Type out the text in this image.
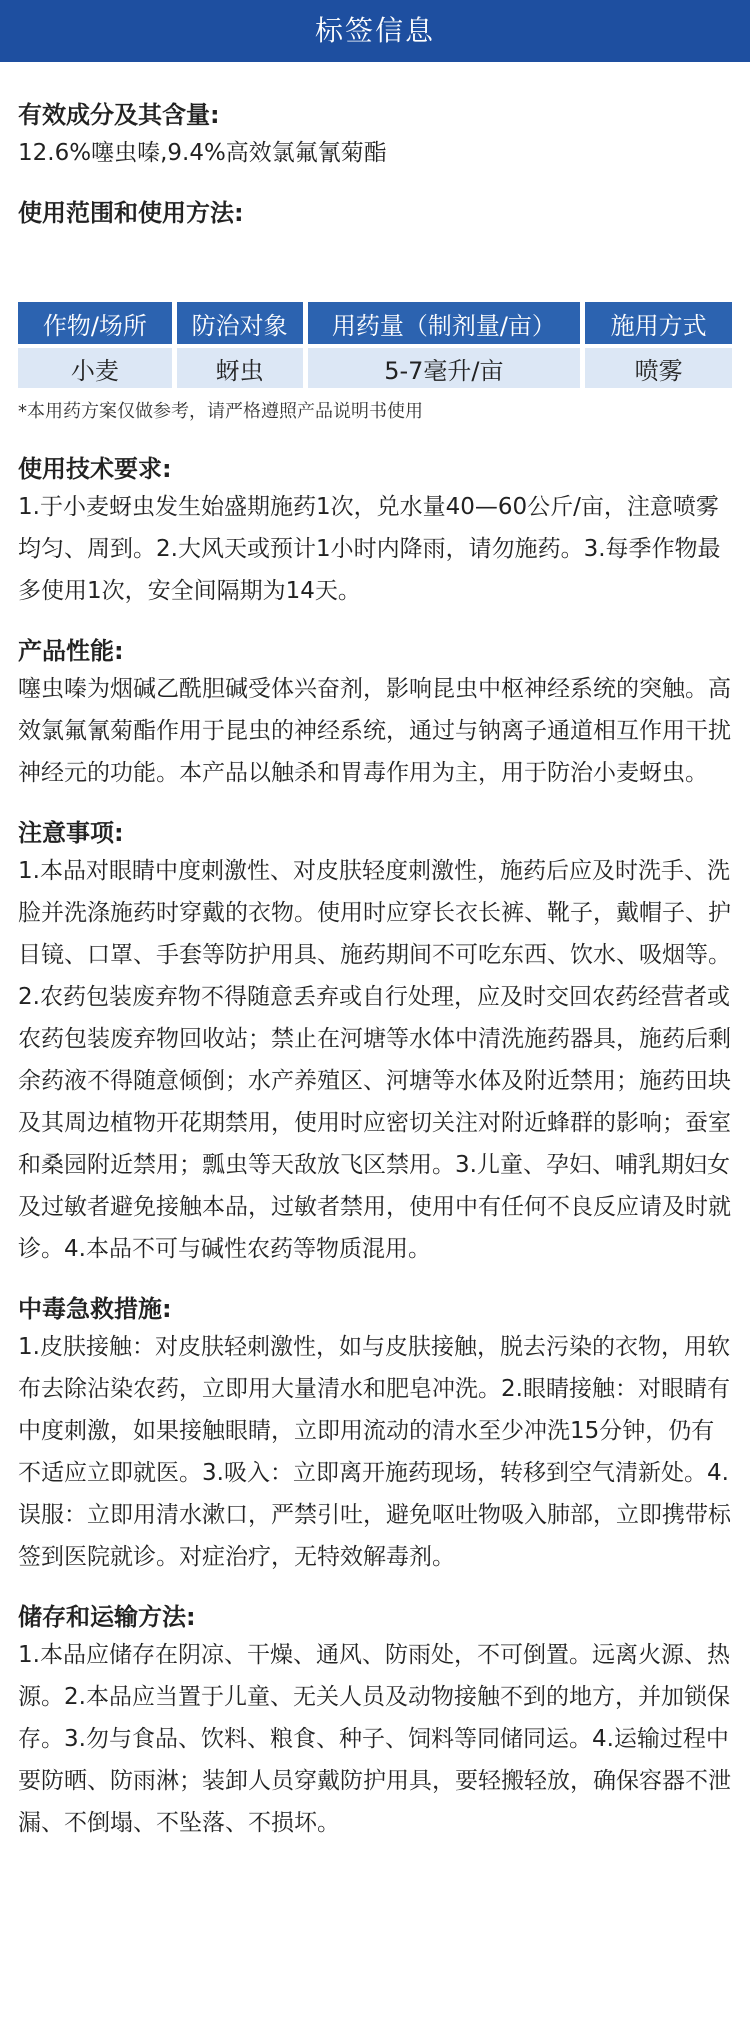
标签信息

有效成分及其含量:

12.6%噻虫嗪,9.4%高效氯氟氰菊酯

使用范围和使用方法:

作物/场所	防治对象	用药量（制剂量/亩）	施用方式
小麦	蚜虫	5-7毫升/亩	喷雾

*本用药方案仅做参考，请严格遵照产品说明书使用

使用技术要求:

1.于小麦蚜虫发生始盛期施药1次，兑水量40—60公斤/亩，注意喷雾均匀、周到。2.大风天或预计1小时内降雨，请勿施药。3.每季作物最多使用1次，安全间隔期为14天。

产品性能:

噻虫嗪为烟碱乙酰胆碱受体兴奋剂，影响昆虫中枢神经系统的突触。高效氯氟氰菊酯作用于昆虫的神经系统，通过与钠离子通道相互作用干扰神经元的功能。本产品以触杀和胃毒作用为主，用于防治小麦蚜虫。

注意事项:

1.本品对眼睛中度刺激性、对皮肤轻度刺激性，施药后应及时洗手、洗脸并洗涤施药时穿戴的衣物。使用时应穿长衣长裤、靴子，戴帽子、护目镜、口罩、手套等防护用具、施药期间不可吃东西、饮水、吸烟等。2.农药包装废弃物不得随意丢弃或自行处理，应及时交回农药经营者或农药包装废弃物回收站；禁止在河塘等水体中清洗施药器具，施药后剩余药液不得随意倾倒；水产养殖区、河塘等水体及附近禁用；施药田块及其周边植物开花期禁用，使用时应密切关注对附近蜂群的影响；蚕室和桑园附近禁用；瓢虫等天敌放飞区禁用。3.儿童、孕妇、哺乳期妇女及过敏者避免接触本品，过敏者禁用，使用中有任何不良反应请及时就诊。4.本品不可与碱性农药等物质混用。

中毒急救措施:

1.皮肤接触：对皮肤轻刺激性，如与皮肤接触，脱去污染的衣物，用软布去除沾染农药，立即用大量清水和肥皂冲洗。2.眼睛接触：对眼睛有中度刺激，如果接触眼睛，立即用流动的清水至少冲洗15分钟，仍有不适应立即就医。3.吸入：立即离开施药现场，转移到空气清新处。4.误服：立即用清水漱口，严禁引吐，避免呕吐物吸入肺部，立即携带标签到医院就诊。对症治疗，无特效解毒剂。

储存和运输方法:

1.本品应储存在阴凉、干燥、通风、防雨处，不可倒置。远离火源、热源。2.本品应当置于儿童、无关人员及动物接触不到的地方，并加锁保存。3.勿与食品、饮料、粮食、种子、饲料等同储同运。4.运输过程中要防晒、防雨淋；装卸人员穿戴防护用具，要轻搬轻放，确保容器不泄漏、不倒塌、不坠落、不损坏。
